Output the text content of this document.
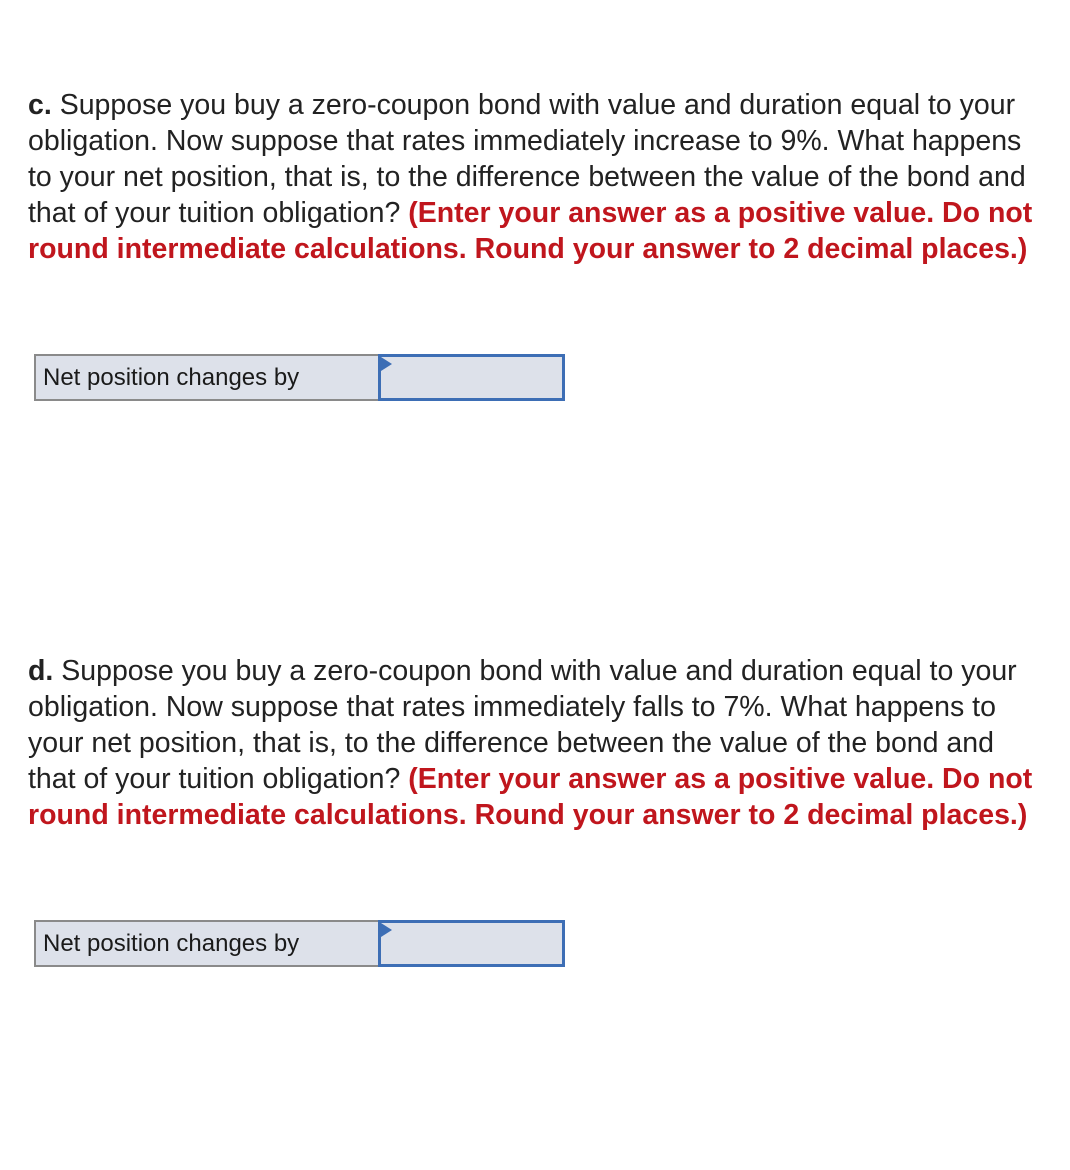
c. Suppose you buy a zero-coupon bond with value and duration equal to your obligation. Now suppose that rates immediately increase to 9%. What happens to your net position, that is, to the difference between the value of the bond and that of your tuition obligation? (Enter your answer as a positive value. Do not round intermediate calculations. Round your answer to 2 decimal places.)

Net position changes by

d. Suppose you buy a zero-coupon bond with value and duration equal to your obligation. Now suppose that rates immediately falls to 7%. What happens to your net position, that is, to the difference between the value of the bond and that of your tuition obligation? (Enter your answer as a positive value. Do not round intermediate calculations. Round your answer to 2 decimal places.)

Net position changes by
